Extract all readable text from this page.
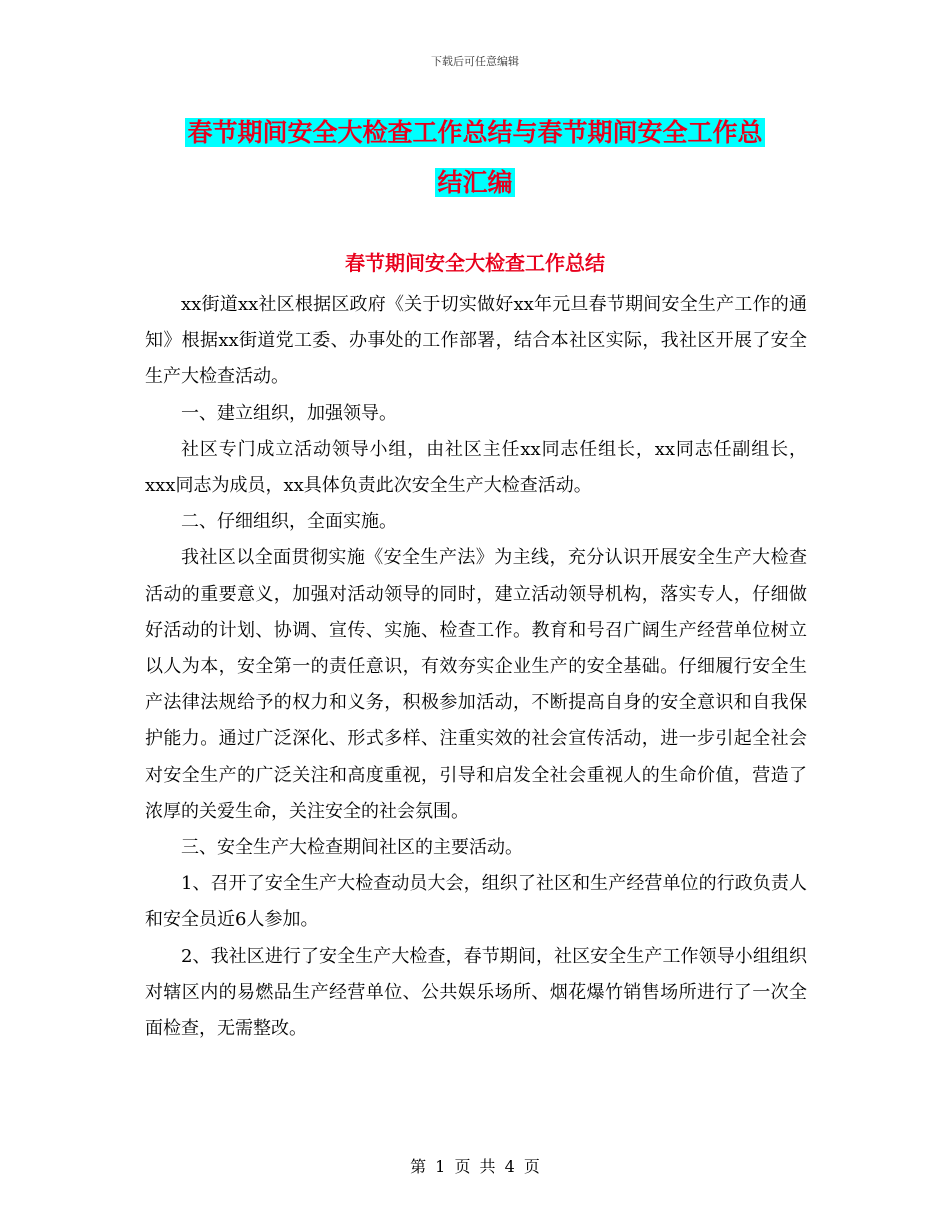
下载后可任意编辑
春节期间安全大检查工作总结与春节期间安全工作总
结汇编
春节期间安全大检查工作总结

xx街道xx社区根据区政府《关于切实做好xx年元旦春节期间安全生产工作的通知》根据xx街道党工委、办事处的工作部署，结合本社区实际，我社区开展了安全生产大检查活动。

一、建立组织，加强领导。

社区专门成立活动领导小组，由社区主任xx同志任组长，xx同志任副组长，xxx同志为成员，xx具体负责此次安全生产大检查活动。

二、仔细组织，全面实施。

我社区以全面贯彻实施《安全生产法》为主线，充分认识开展安全生产大检查活动的重要意义，加强对活动领导的同时，建立活动领导机构，落实专人，仔细做好活动的计划、协调、宣传、实施、检查工作。教育和号召广阔生产经营单位树立以人为本，安全第一的责任意识，有效夯实企业生产的安全基础。仔细履行安全生产法律法规给予的权力和义务，积极参加活动，不断提高自身的安全意识和自我保护能力。通过广泛深化、形式多样、注重实效的社会宣传活动，进一步引起全社会对安全生产的广泛关注和高度重视，引导和启发全社会重视人的生命价值，营造了浓厚的关爱生命，关注安全的社会氛围。

三、安全生产大检查期间社区的主要活动。

1、召开了安全生产大检查动员大会，组织了社区和生产经营单位的行政负责人和安全员近6人参加。

2、我社区进行了安全生产大检查，春节期间，社区安全生产工作领导小组组织对辖区内的易燃品生产经营单位、公共娱乐场所、烟花爆竹销售场所进行了一次全面检查，无需整改。

第 1 页 共 4 页
